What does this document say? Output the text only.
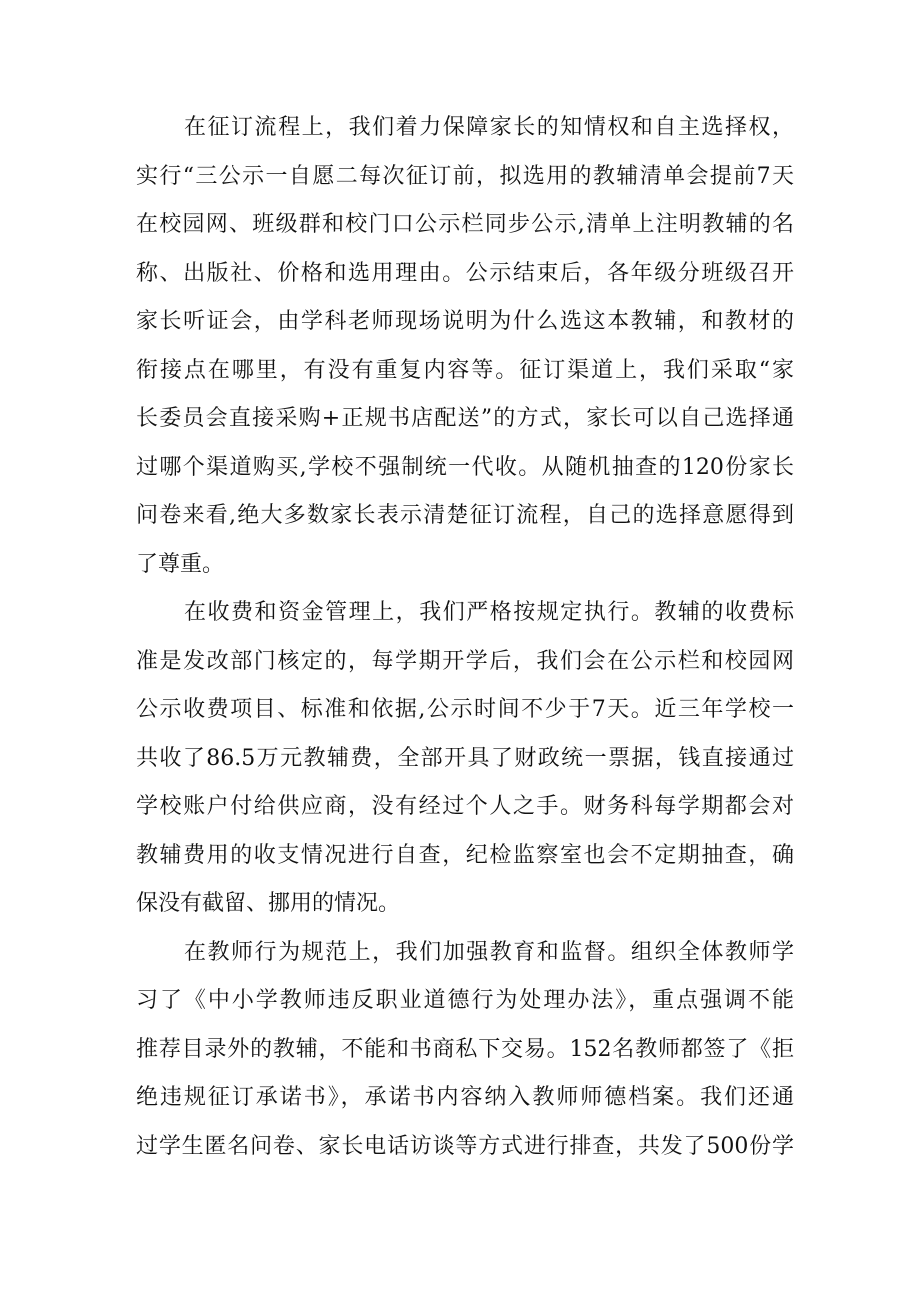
在征订流程上，我们着力保障家长的知情权和自主选择权，
实行“三公示一自愿二每次征订前，拟选用的教辅清单会提前7天
在校园网、班级群和校门口公示栏同步公示,清单上注明教辅的名
称、出版社、价格和选用理由。公示结束后，各年级分班级召开
家长听证会，由学科老师现场说明为什么选这本教辅，和教材的
衔接点在哪里，有没有重复内容等。征订渠道上，我们采取“家
长委员会直接采购+正规书店配送”的方式，家长可以自己选择通
过哪个渠道购买,学校不强制统一代收。从随机抽查的120份家长
问卷来看,绝大多数家长表示清楚征订流程，自己的选择意愿得到
了尊重。
在收费和资金管理上，我们严格按规定执行。教辅的收费标
准是发改部门核定的，每学期开学后，我们会在公示栏和校园网
公示收费项目、标准和依据,公示时间不少于7天。近三年学校一
共收了86.5万元教辅费，全部开具了财政统一票据，钱直接通过
学校账户付给供应商，没有经过个人之手。财务科每学期都会对
教辅费用的收支情况进行自查，纪检监察室也会不定期抽查，确
保没有截留、挪用的情况。
在教师行为规范上，我们加强教育和监督。组织全体教师学
习了《中小学教师违反职业道德行为处理办法》，重点强调不能
推荐目录外的教辅，不能和书商私下交易。152名教师都签了《拒
绝违规征订承诺书》，承诺书内容纳入教师师德档案。我们还通
过学生匿名问卷、家长电话访谈等方式进行排查，共发了500份学
